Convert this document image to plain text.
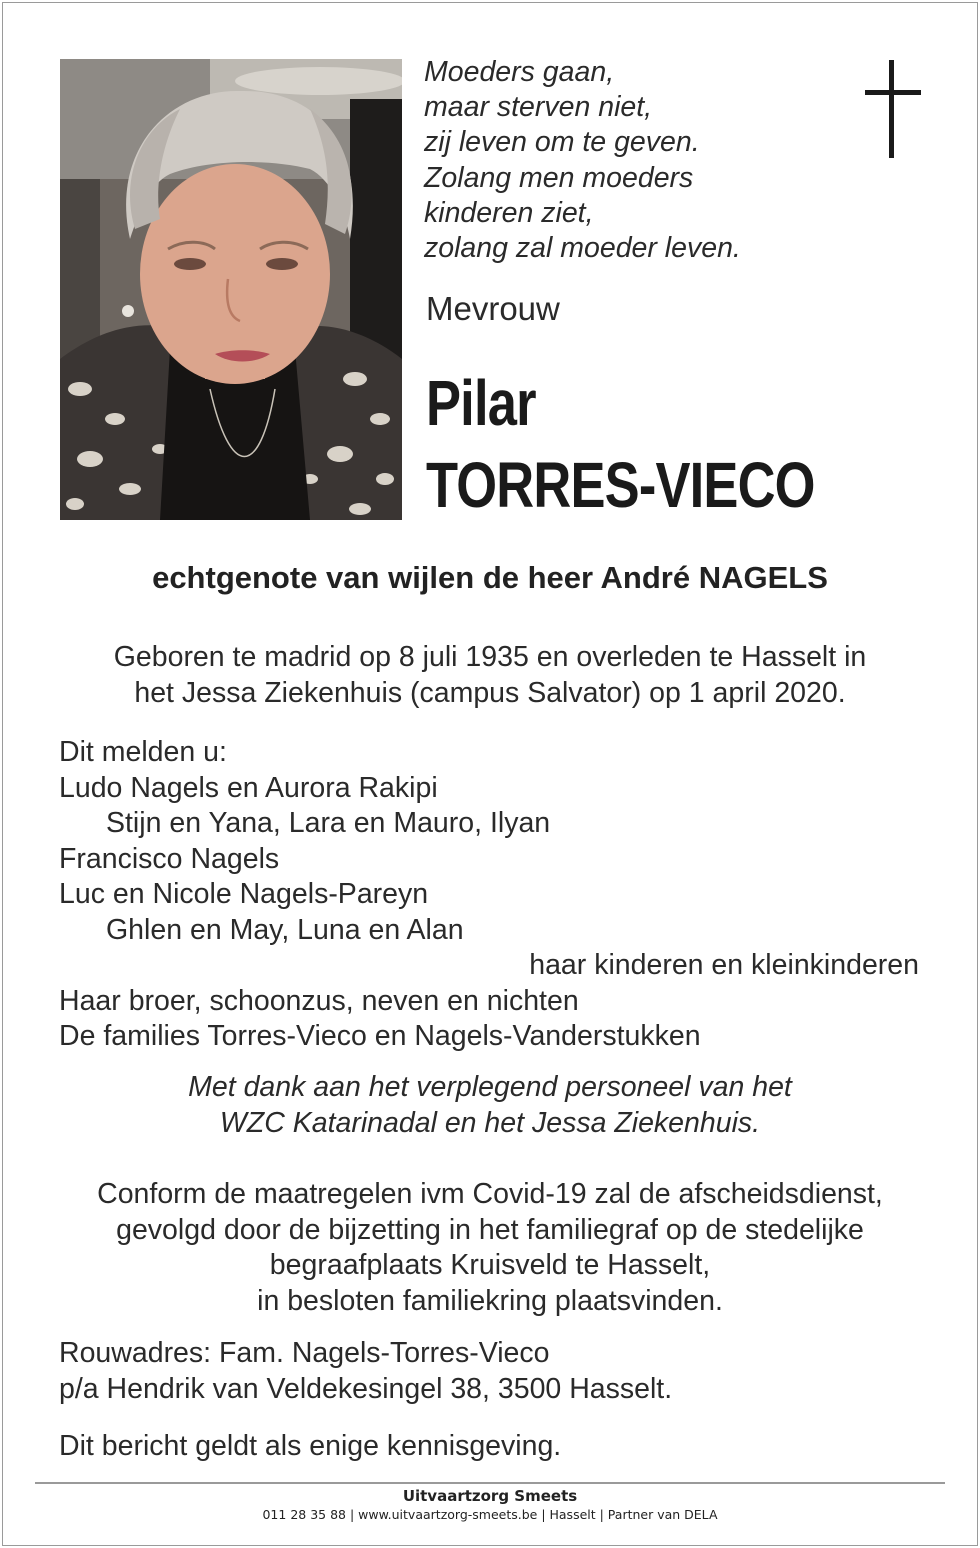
Moeders gaan,
maar sterven niet,
zij leven om te geven.
Zolang men moeders
kinderen ziet,
zolang zal moeder leven.
Mevrouw
Pilar
TORRES-VIECO
echtgenote van wijlen de heer André NAGELS
Geboren te madrid op 8 juli 1935 en overleden te Hasselt in
het Jessa Ziekenhuis (campus Salvator) op 1 april 2020.
Dit melden u:
Ludo Nagels en Aurora Rakipi
Stijn en Yana, Lara en Mauro, Ilyan
Francisco Nagels
Luc en Nicole Nagels-Pareyn
Ghlen en May, Luna en Alan
haar kinderen en kleinkinderen
Haar broer, schoonzus, neven en nichten
De families Torres-Vieco en Nagels-Vanderstukken
Met dank aan het verplegend personeel van het
WZC Katarinadal en het Jessa Ziekenhuis.
Conform de maatregelen ivm Covid-19 zal de afscheidsdienst,
gevolgd door de bijzetting in het familiegraf op de stedelijke
begraafplaats Kruisveld te Hasselt,
in besloten familiekring plaatsvinden.
Rouwadres: Fam. Nagels-Torres-Vieco
p/a Hendrik van Veldekesingel 38, 3500 Hasselt.
Dit bericht geldt als enige kennisgeving.
Uitvaartzorg Smeets
011 28 35 88 | www.uitvaartzorg-smeets.be | Hasselt | Partner van DELA
